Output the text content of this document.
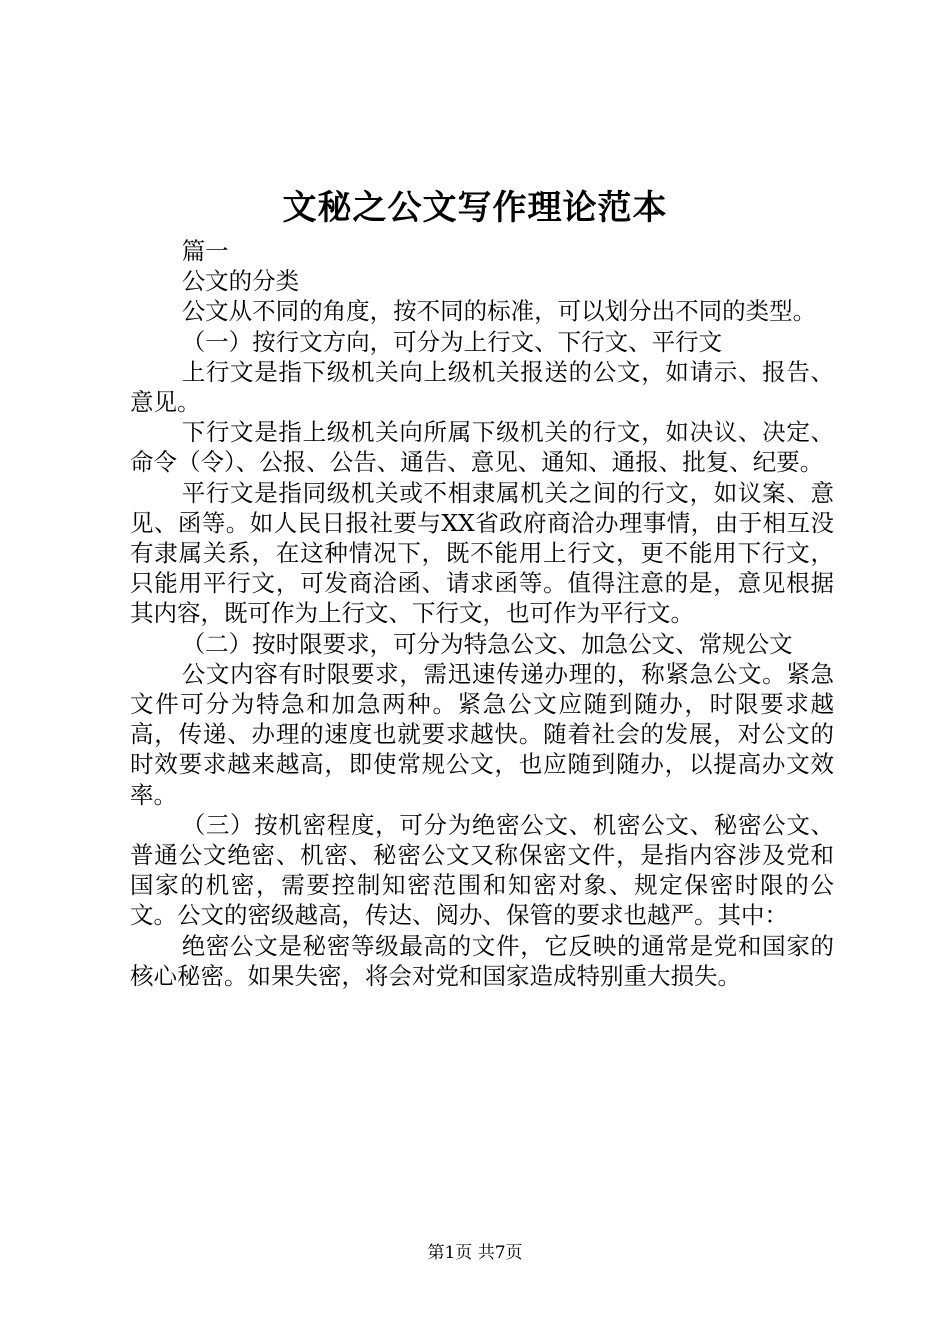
文秘之公文写作理论范本

篇一

公文的分类

公文从不同的角度，按不同的标准，可以划分出不同的类型。

（一）按行文方向，可分为上行文、下行文、平行文

上行文是指下级机关向上级机关报送的公文，如请示、报告、意见。

下行文是指上级机关向所属下级机关的行文，如决议、决定、命令（令）、公报、公告、通告、意见、通知、通报、批复、纪要。

平行文是指同级机关或不相隶属机关之间的行文，如议案、意见、函等。如人民日报社要与XX省政府商洽办理事情，由于相互没有隶属关系，在这种情况下，既不能用上行文，更不能用下行文，只能用平行文，可发商洽函、请求函等。值得注意的是，意见根据其内容，既可作为上行文、下行文，也可作为平行文。

（二）按时限要求，可分为特急公文、加急公文、常规公文

公文内容有时限要求，需迅速传递办理的，称紧急公文。紧急文件可分为特急和加急两种。紧急公文应随到随办，时限要求越高，传递、办理的速度也就要求越快。随着社会的发展，对公文的时效要求越来越高，即使常规公文，也应随到随办，以提高办文效率。

（三）按机密程度，可分为绝密公文、机密公文、秘密公文、普通公文绝密、机密、秘密公文又称保密文件，是指内容涉及党和国家的机密，需要控制知密范围和知密对象、规定保密时限的公文。公文的密级越高，传达、阅办、保管的要求也越严。其中：

绝密公文是秘密等级最高的文件，它反映的通常是党和国家的核心秘密。如果失密，将会对党和国家造成特别重大损失。

第1页 共7页
